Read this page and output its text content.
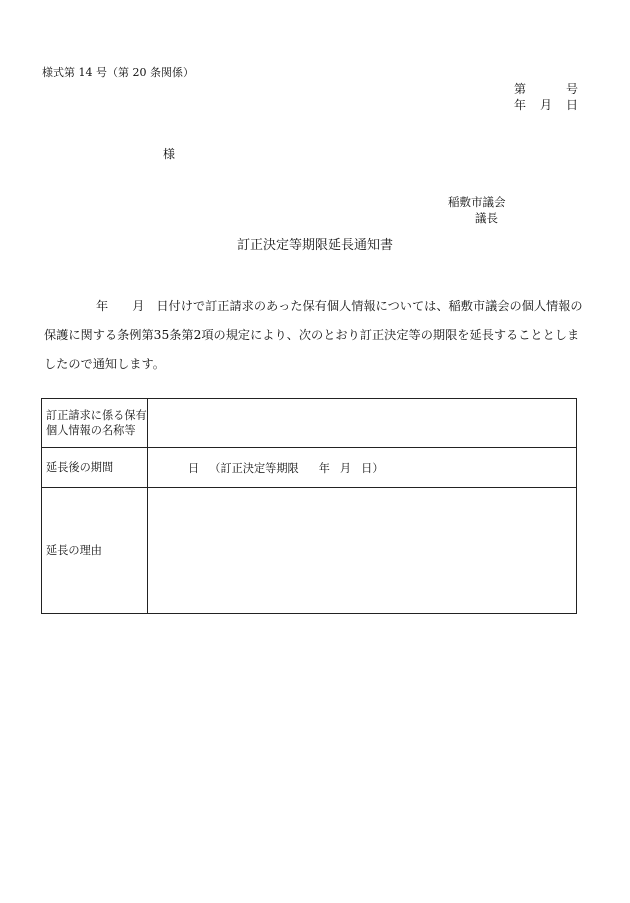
様式第 14 号（第 20 条関係）
第	号
年 月 日
様
稲敷市議会
議長
訂正決定等期限延長通知書
年 月 日付けで訂正請求のあった保有個人情報については、稲敷市議会の個人情報の保護に関する条例第35条第2項の規定により、次のとおり訂正決定等の期限を延長することとしましたので通知します。
訂正請求に係る保有個人情報の名称等	
延長後の期間	日 （訂正決定等期限 年 月 日）
延長の理由	
